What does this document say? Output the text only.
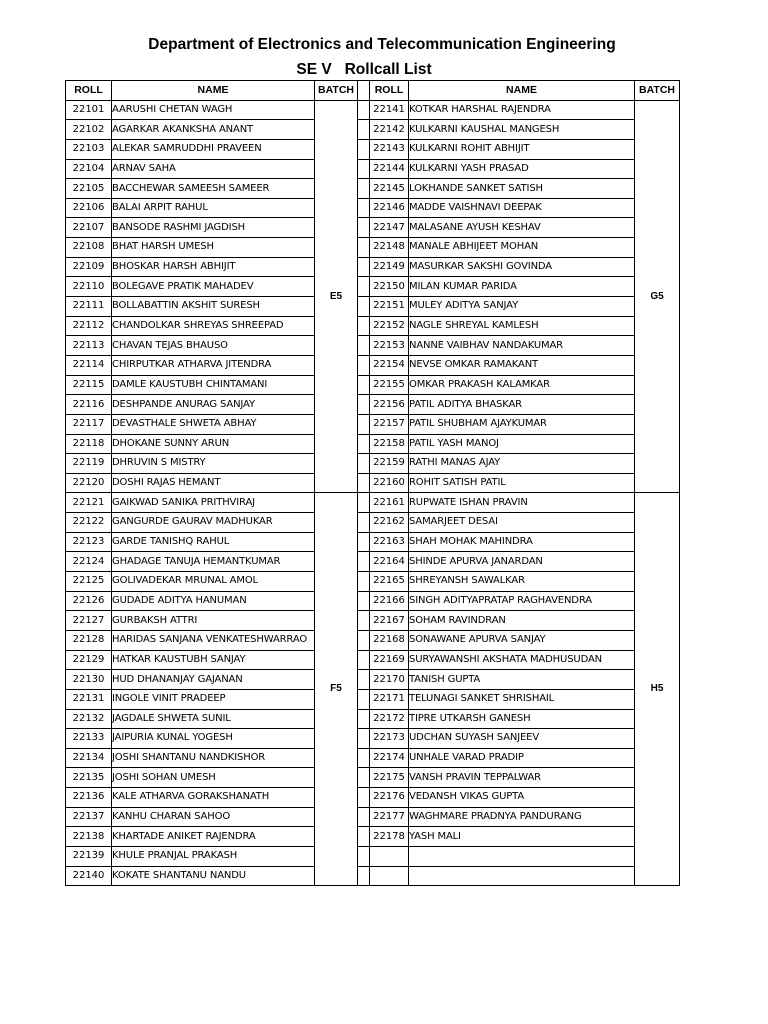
Department of Electronics and Telecommunication Engineering
SE V   Rollcall List
ROLL	NAME	BATCH		ROLL	NAME	BATCH
22101	AARUSHI CHETAN WAGH	E5		22141	KOTKAR HARSHAL RAJENDRA	G5
22102	AGARKAR AKANKSHA ANANT			22142	KULKARNI KAUSHAL MANGESH	
22103	ALEKAR SAMRUDDHI PRAVEEN			22143	KULKARNI ROHIT ABHIJIT	
22104	ARNAV SAHA			22144	KULKARNI YASH PRASAD	
22105	BACCHEWAR SAMEESH SAMEER			22145	LOKHANDE SANKET SATISH	
22106	BALAI ARPIT RAHUL			22146	MADDE VAISHNAVI DEEPAK	
22107	BANSODE RASHMI JAGDISH			22147	MALASANE AYUSH KESHAV	
22108	BHAT HARSH UMESH			22148	MANALE ABHIJEET MOHAN	
22109	BHOSKAR HARSH ABHIJIT			22149	MASURKAR SAKSHI GOVINDA	
22110	BOLEGAVE PRATIK MAHADEV			22150	MILAN KUMAR PARIDA	
22111	BOLLABATTIN AKSHIT SURESH			22151	MULEY ADITYA SANJAY	
22112	CHANDOLKAR SHREYAS SHREEPAD			22152	NAGLE SHREYAL KAMLESH	
22113	CHAVAN TEJAS BHAUSO			22153	NANNE VAIBHAV NANDAKUMAR	
22114	CHIRPUTKAR ATHARVA JITENDRA			22154	NEVSE OMKAR RAMAKANT	
22115	DAMLE KAUSTUBH CHINTAMANI			22155	OMKAR PRAKASH KALAMKAR	
22116	DESHPANDE ANURAG SANJAY			22156	PATIL ADITYA BHASKAR	
22117	DEVASTHALE SHWETA ABHAY			22157	PATIL SHUBHAM AJAYKUMAR	
22118	DHOKANE SUNNY ARUN			22158	PATIL YASH MANOJ	
22119	DHRUVIN S MISTRY			22159	RATHI MANAS AJAY	
22120	DOSHI RAJAS HEMANT			22160	ROHIT SATISH PATIL	
22121	GAIKWAD SANIKA PRITHVIRAJ	F5		22161	RUPWATE ISHAN PRAVIN	H5
22122	GANGURDE GAURAV MADHUKAR			22162	SAMARJEET DESAI	
22123	GARDE TANISHQ RAHUL			22163	SHAH MOHAK MAHINDRA	
22124	GHADAGE TANUJA HEMANTKUMAR			22164	SHINDE APURVA JANARDAN	
22125	GOLIVADEKAR MRUNAL AMOL			22165	SHREYANSH SAWALKAR	
22126	GUDADE ADITYA HANUMAN			22166	SINGH ADITYAPRATAP RAGHAVENDRA	
22127	GURBAKSH ATTRI			22167	SOHAM RAVINDRAN	
22128	HARIDAS SANJANA VENKATESHWARRAO			22168	SONAWANE APURVA SANJAY	
22129	HATKAR KAUSTUBH SANJAY			22169	SURYAWANSHI AKSHATA MADHUSUDAN	
22130	HUD DHANANJAY GAJANAN			22170	TANISH GUPTA	
22131	INGOLE VINIT PRADEEP			22171	TELUNAGI SANKET SHRISHAIL	
22132	JAGDALE SHWETA SUNIL			22172	TIPRE UTKARSH GANESH	
22133	JAIPURIA KUNAL YOGESH			22173	UDCHAN SUYASH SANJEEV	
22134	JOSHI SHANTANU NANDKISHOR			22174	UNHALE VARAD PRADIP	
22135	JOSHI SOHAN UMESH			22175	VANSH PRAVIN TEPPALWAR	
22136	KALE ATHARVA GORAKSHANATH			22176	VEDANSH VIKAS GUPTA	
22137	KANHU CHARAN SAHOO			22177	WAGHMARE PRADNYA PANDURANG	
22138	KHARTADE ANIKET RAJENDRA			22178	YASH MALI	
22139	KHULE PRANJAL PRAKASH					
22140	KOKATE SHANTANU NANDU					
